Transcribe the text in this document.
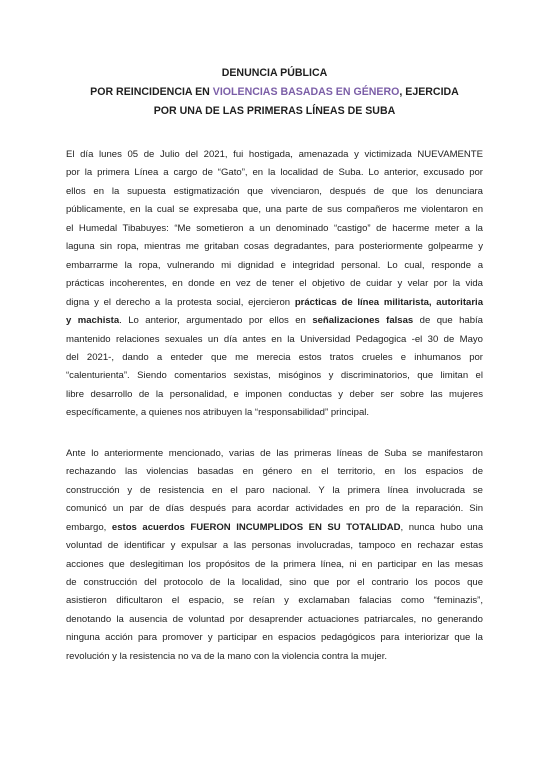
DENUNCIA PÚBLICA
POR REINCIDENCIA EN VIOLENCIAS BASADAS EN GÉNERO, EJERCIDA
POR UNA DE LAS PRIMERAS LÍNEAS DE SUBA
El día lunes 05 de Julio del 2021, fui hostigada, amenazada y victimizada NUEVAMENTE
por la primera Línea a cargo de “Gato”, en la localidad de Suba. Lo anterior, excusado por
ellos en la supuesta estigmatización que vivenciaron, después de que los denunciara
públicamente, en la cual se expresaba que, una parte de sus compañeros me violentaron en
el Humedal Tibabuyes: “Me sometieron a un denominado “castigo” de hacerme meter a la
laguna sin ropa, mientras me gritaban cosas degradantes, para posteriormente golpearme y
embarrarme la ropa, vulnerando mi dignidad e integridad personal. Lo cual, responde a
prácticas incoherentes, en donde en vez de tener el objetivo de cuidar y velar por la vida
digna y el derecho a la protesta social, ejercieron prácticas de línea militarista, autoritaria
y machista. Lo anterior, argumentado por ellos en señalizaciones falsas de que había
mantenido relaciones sexuales un día antes en la Universidad Pedagogica -el 30 de Mayo
del 2021-, dando a enteder que me merecia estos tratos crueles e inhumanos por
“calenturienta”. Siendo comentarios sexistas, misóginos y discriminatorios, que limitan el
libre desarrollo de la personalidad, e imponen conductas y deber ser sobre las mujeres
específicamente, a quienes nos atribuyen la “responsabilidad” principal.
Ante lo anteriormente mencionado, varias de las primeras líneas de Suba se manifestaron
rechazando las violencias basadas en género en el territorio, en los espacios de
construcción y de resistencia en el paro nacional. Y la primera línea involucrada se
comunicó un par de días después para acordar actividades en pro de la reparación. Sin
embargo, estos acuerdos FUERON INCUMPLIDOS EN SU TOTALIDAD, nunca hubo una
voluntad de identificar y expulsar a las personas involucradas, tampoco en rechazar estas
acciones que deslegitiman los propósitos de la primera línea, ni en participar en las mesas
de construcción del protocolo de la localidad, sino que por el contrario los pocos que
asistieron dificultaron el espacio, se reían y exclamaban falacias como “feminazis”,
denotando la ausencia de voluntad por desaprender actuaciones patriarcales, no generando
ninguna acción para promover y participar en espacios pedagógicos para interiorizar que la
revolución y la resistencia no va de la mano con la violencia contra la mujer.
